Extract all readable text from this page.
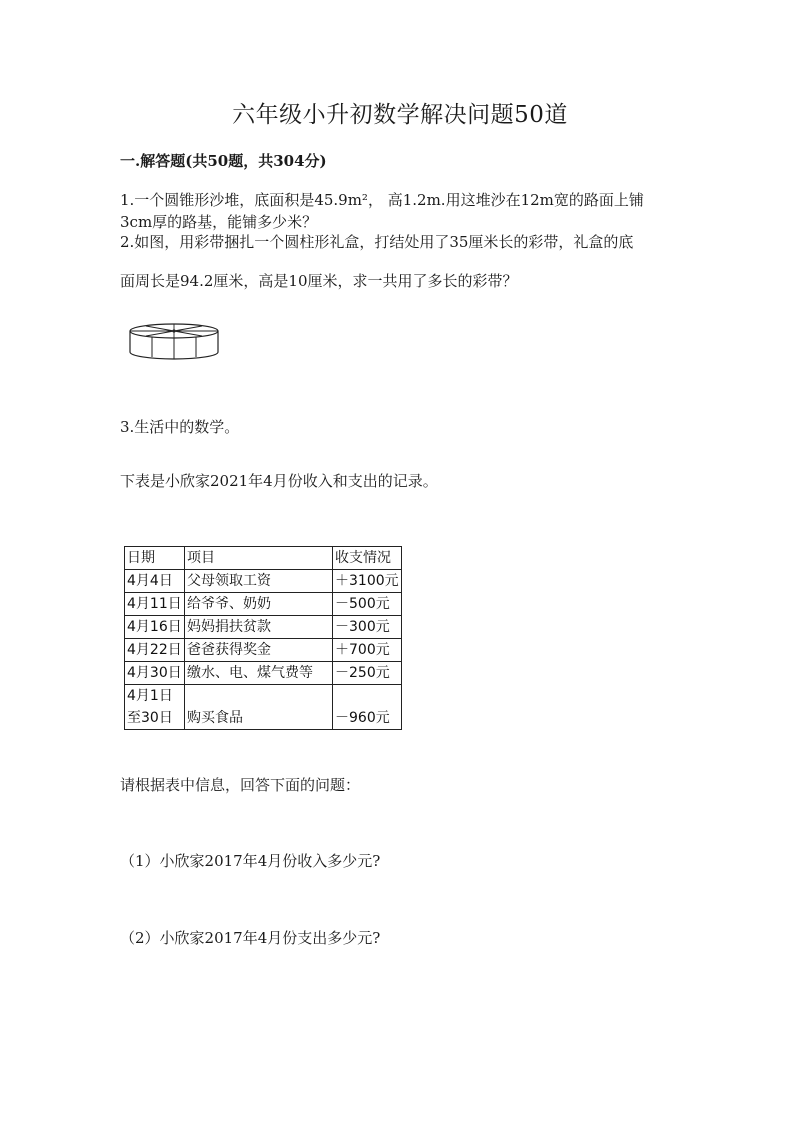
六年级小升初数学解决问题50道
一.解答题(共50题，共304分)
1.一个圆锥形沙堆，底面积是45.9m²， 高1.2m.用这堆沙在12m宽的路面上铺
3cm厚的路基，能铺多少米？
2.如图，用彩带捆扎一个圆柱形礼盒，打结处用了35厘米长的彩带，礼盒的底
面周长是94.2厘米，高是10厘米，求一共用了多长的彩带？
3.生活中的数学。
下表是小欣家2021年4月份收入和支出的记录。
日期	项目	收支情况
4月4日	父母领取工资	＋3100元
4月11日	给爷爷、奶奶	－500元
4月16日	妈妈捐扶贫款	－300元
4月22日	爸爸获得奖金	＋700元
4月30日	缴水、电、煤气费等	－250元
4月1日		
至30日	购买食品	－960元
请根据表中信息，回答下面的问题：
（1）小欣家2017年4月份收入多少元?
（2）小欣家2017年4月份支出多少元?
